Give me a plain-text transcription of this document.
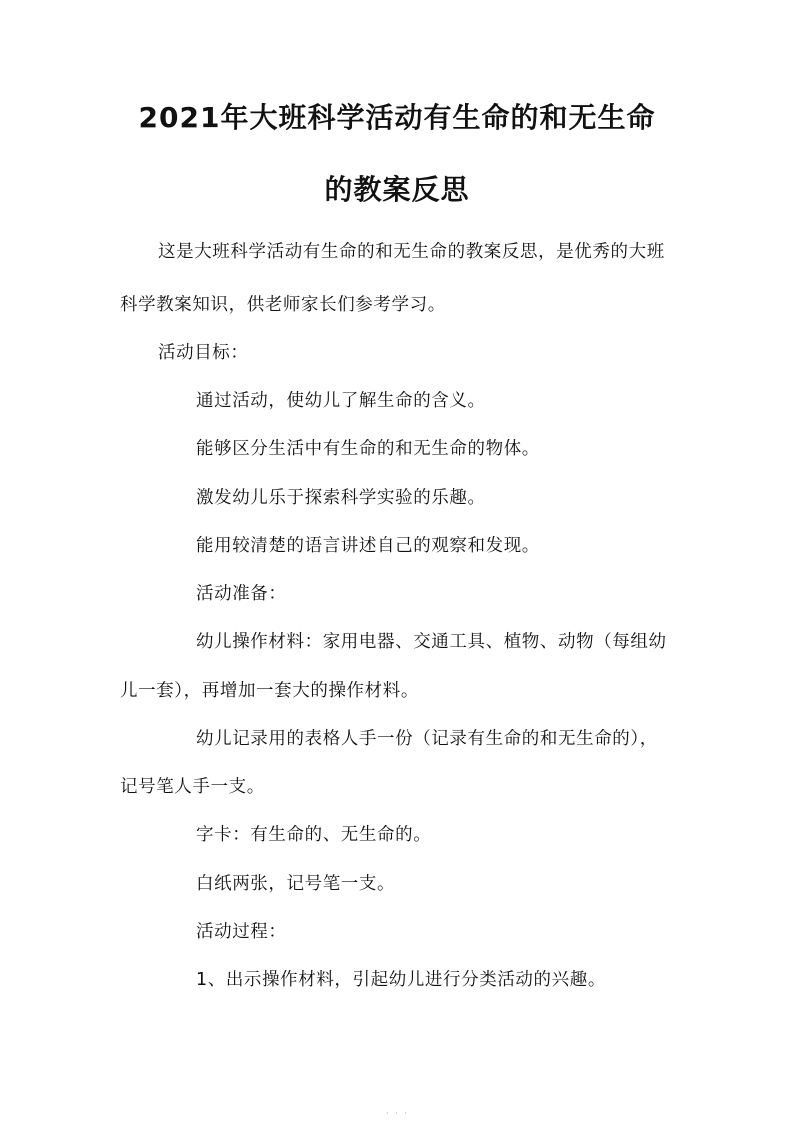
2021年大班科学活动有生命的和无生命
的教案反思
这是大班科学活动有生命的和无生命的教案反思，是优秀的大班
科学教案知识，供老师家长们参考学习。
活动目标：
通过活动，使幼儿了解生命的含义。
能够区分生活中有生命的和无生命的物体。
激发幼儿乐于探索科学实验的乐趣。
能用较清楚的语言讲述自己的观察和发现。
活动准备：
幼儿操作材料：家用电器、交通工具、植物、动物（每组幼
儿一套），再增加一套大的操作材料。
幼儿记录用的表格人手一份（记录有生命的和无生命的），
记号笔人手一支。
字卡：有生命的、无生命的。
白纸两张，记号笔一支。
活动过程：
1、出示操作材料，引起幼儿进行分类活动的兴趣。
· · ·
